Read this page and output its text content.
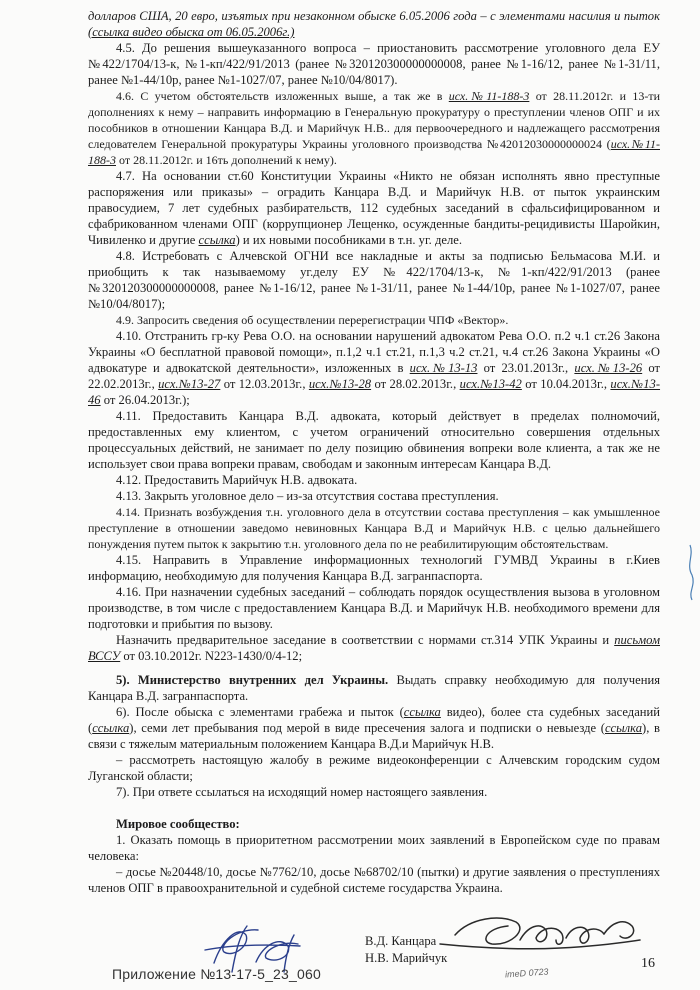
долларов США, 20 евро, изъятых при незаконном обыске 6.05.2006 года – с элементами насилия и пыток (ссылка видео обыска от 06.05.2006г.)

4.5. До решения вышеуказанного вопроса – приостановить рассмотрение уголовного дела ЕУ №422/1704/13-к, №1-кп/422/91/2013 (ранее №320120300000000008, ранее №1-16/12, ранее №1-31/11, ранее №1-44/10р, ранее №1-1027/07, ранее №10/04/8017).

4.6. С учетом обстоятельств изложенных выше, а так же в исх.№11-188-3 от 28.11.2012г. и 13-ти дополнениях к нему – направить информацию в Генеральную прокуратуру о преступлении членов ОПГ и их пособников в отношении Канцара В.Д. и Марийчук Н.В.. для первоочередного и надлежащего рассмотрения следователем Генеральной прокуратуры Украины уголовного производства №42012030000000024 (исх.№11-188-3 от 28.11.2012г. и 16ть дополнений к нему).

4.7. На основании ст.60 Конституции Украины «Никто не обязан исполнять явно преступные распоряжения или приказы» – оградить Канцара В.Д. и Марийчук Н.В. от пыток украинским правосудием, 7 лет судебных разбирательств, 112 судебных заседаний в сфальсифицированном и сфабрикованном членами ОПГ (коррупционер Лещенко, осужденные бандиты-рецидивисты Шаройкин, Чивиленко и другие ссылка) и их новыми пособниками в т.н. уг. деле.

4.8. Истребовать с Алчевской ОГНИ все накладные и акты за подписью Бельмасова М.И. и приобщить к так называемому уг.делу ЕУ №422/1704/13-к, №1-кп/422/91/2013 (ранее №320120300000000008, ранее №1-16/12, ранее №1-31/11, ранее №1-44/10р, ранее №1-1027/07, ранее №10/04/8017);

4.9. Запросить сведения об осуществлении перерегистрации ЧПФ «Вектор».

4.10. Отстранить гр-ку Рева О.О. на основании нарушений адвокатом Рева О.О. п.2 ч.1 ст.26 Закона Украины «О бесплатной правовой помощи», п.1,2 ч.1 ст.21, п.1,3 ч.2 ст.21, ч.4 ст.26 Закона Украины «О адвокатуре и адвокатской деятельности», изложенных в исх.№13-13 от 23.01.2013г., исх.№13-26 от 22.02.2013г., исх.№13-27 от 12.03.2013г., исх.№13-28 от 28.02.2013г., исх.№13-42 от 10.04.2013г., исх.№13-46 от 26.04.2013г.);

4.11. Предоставить Канцара В.Д. адвоката, который действует в пределах полномочий, предоставленных ему клиентом, с учетом ограничений относительно совершения отдельных процессуальных действий, не занимает по делу позицию обвинения вопреки воле клиента, а так же не использует свои права вопреки правам, свободам и законным интересам Канцара В.Д.

4.12. Предоставить Марийчук Н.В. адвоката.

4.13. Закрыть уголовное дело – из-за отсутствия состава преступления.

4.14. Признать возбуждения т.н. уголовного дела в отсутствии состава преступления – как умышленное преступление в отношении заведомо невиновных Канцара В.Д и Марийчук Н.В. с целью дальнейшего понуждения путем пыток к закрытию т.н. уголовного дела по не реабилитирующим обстоятельствам.

4.15. Направить в Управление информационных технологий ГУМВД Украины в г.Киев информацию, необходимую для получения Канцара В.Д. загранпаспорта.

4.16. При назначении судебных заседаний – соблюдать порядок осуществления вызова в уголовном производстве, в том числе с предоставлением Канцара В.Д. и Марийчук Н.В. необходимого времени для подготовки и прибытия по вызову.

Назначить предварительное заседание в соответствии с нормами ст.314 УПК Украины и письмом ВССУ от 03.10.2012г. N223-1430/0/4-12;

5). Министерство внутренних дел Украины. Выдать справку необходимую для получения Канцара В.Д. загранпаспорта.

6). После обыска с элементами грабежа и пыток (ссылка видео), более ста судебных заседаний (ссылка), семи лет пребывания под мерой в виде пресечения залога и подписки о невыезде (ссылка), в связи с тяжелым материальным положением Канцара В.Д.и Марийчук Н.В.

– рассмотреть настоящую жалобу в режиме видеоконференции с Алчевским городским судом Луганской области;

7). При ответе ссылаться на исходящий номер настоящего заявления.

Мировое сообщество:

1. Оказать помощь в приоритетном рассмотрении моих заявлений в Европейском суде по правам человека:

– досье №20448/10, досье №7762/10, досье №68702/10 (пытки) и другие заявления о преступлениях членов ОПГ в правоохранительной и судебной системе государства Украина.

В.Д. Канцара
Н.В. Марийчук	16
Приложение №13-17-5_23_060	imeD 0723
